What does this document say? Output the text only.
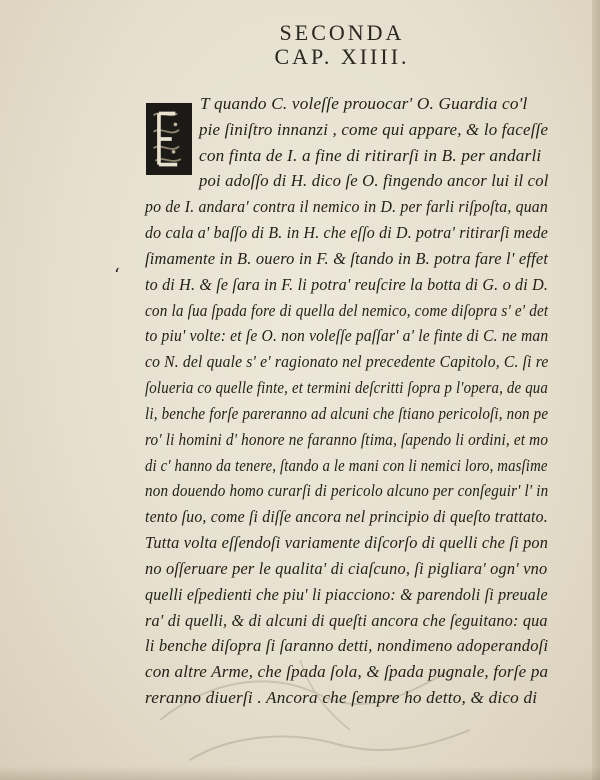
SECONDA
CAP. XIIII.
‘
T quando C. voleſſe prouocar' O. Guardia co'l
pie ſiniſtro innanzi , come qui appare, & lo faceſſe
con finta de I. a fine di ritirarſi in B. per andarli
poi adoſſo di H. dico ſe O. fingendo ancor lui il col
po de I. andara' contra il nemico in D. per farli riſpoſta, quan
do cala a' baſſo di B. in H. che eſſo di D. potra' ritirarſi mede
ſimamente in B. ouero in F. & ſtando in B. potra fare l' effet
to di H. & ſe ſara in F. li potra' reuſcire la botta di G. o di D.
con la ſua ſpada fore di quella del nemico, come diſopra s' e' det
to piu' volte: et ſe O. non voleſſe paſſar' a' le finte di C. ne man
co N. del quale s' e' ragionato nel precedente Capitolo, C. ſi re
ſolueria co quelle finte, et termini deſcritti ſopra p l'opera, de qua
li, benche forſe pareranno ad alcuni che ſtiano pericoloſi, non pe
ro' li homini d' honore ne faranno ſtima, ſapendo li ordini, et mo
di c' hanno da tenere, ſtando a le mani con li nemici loro, masſime
non douendo homo curarſi di pericolo alcuno per conſeguir' l' in
tento ſuo, come ſi diſſe ancora nel principio di queſto trattato.
Tutta volta eſſendoſi variamente diſcorſo di quelli che ſi pon
no oſſeruare per le qualita' di ciaſcuno, ſi pigliara' ogn' vno
quelli eſpedienti che piu' li piacciono: & parendoli ſi preuale
ra' di quelli, & di alcuni di queſti ancora che ſeguitano: qua
li benche diſopra ſi ſaranno detti, nondimeno adoperandoſi
con altre Arme, che ſpada ſola, & ſpada pugnale, forſe pa
reranno diuerſi . Ancora che ſempre ho detto, & dico di
